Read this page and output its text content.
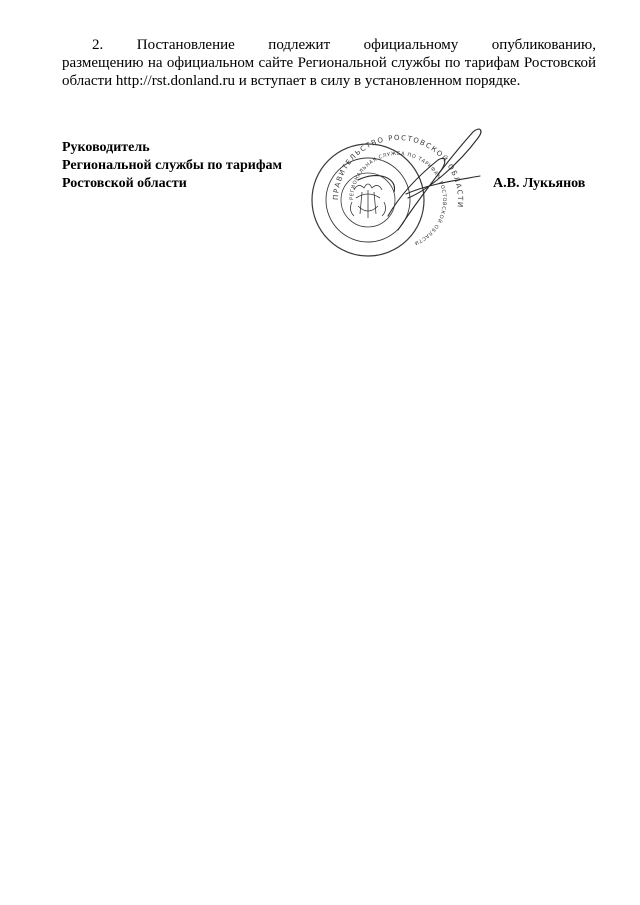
2. Постановление подлежит официальному опубликованию,
размещению на официальном сайте Региональной службы по тарифам Ростовской
области http://rst.donland.ru и вступает в силу в установленном порядке.
Руководитель
Региональной службы по тарифам
Ростовской области
ПРАВИТЕЛЬСТВО РОСТОВСКОЙ ОБЛАСТИ
РЕГИОНАЛЬНАЯ СЛУЖБА ПО ТАРИФАМ РОСТОВСКОЙ ОБЛАСТИ
А.В. Лукьянов
